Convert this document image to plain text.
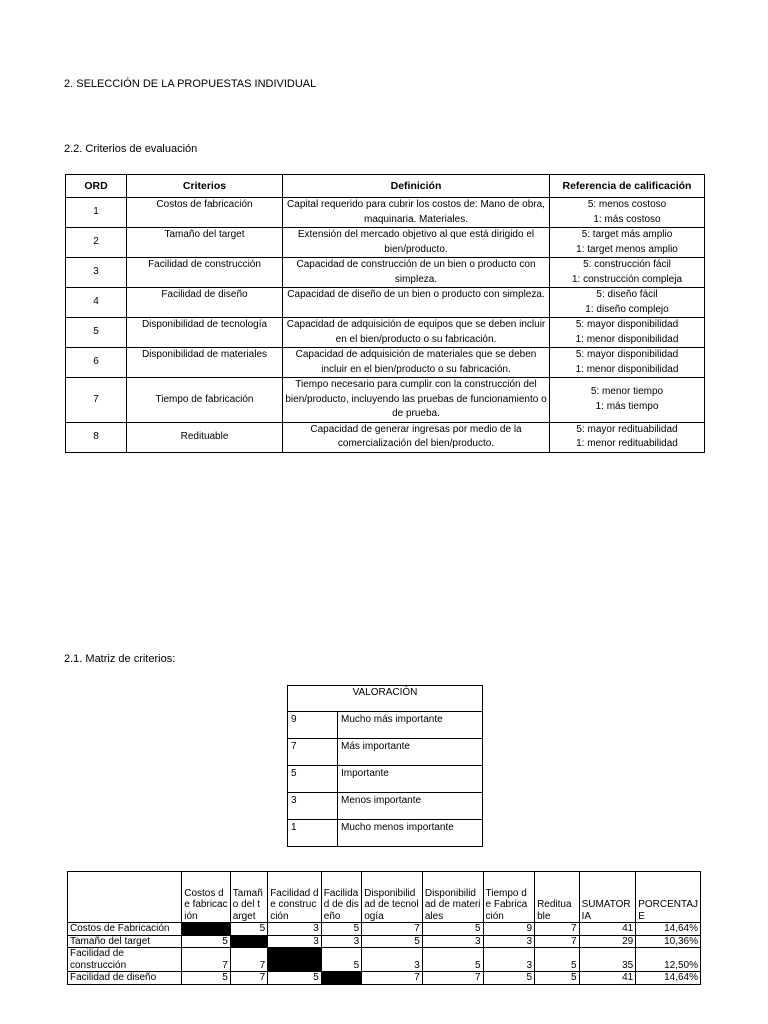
2. SELECCIÓN DE LA PROPUESTAS INDIVIDUAL
2.2. Criterios de evaluación
ORD	Criterios	Definición	Referencia de calificación
1	Costos de fabricación	Capital requerido para cubrir los costos de: Mano de obra, maquinaria. Materiales.	5: menos costoso
1: más costoso

2	Tamaño del target	Extensión del mercado objetivo al que está dirigido el bien/producto.	5: target más amplio
1: target menos amplio

3	Facilidad de construcción	Capacidad de construcción de un bien o producto con simpleza.	5: construcción fácil
1: construcción compleja

4	Facilidad de diseño	Capacidad de diseño de un bien o producto con simpleza.	5: diseño fácil
1: diseño complejo

5	Disponibilidad de tecnología	Capacidad de adquisición de equipos que se deben incluir en el bien/producto o su fabricación.	5: mayor disponibilidad
1: menor disponibilidad

6	Disponibilidad de materiales	Capacidad de adquisición de materiales que se deben incluir en el bien/producto o su fabricación.	5: mayor disponibilidad
1: menor disponibilidad

7	Tiempo de fabricación	Tiempo necesario para cumplir con la construcción del bien/producto, incluyendo las pruebas de funcionamiento o de prueba.	5: menor tiempo
1: más tiempo

8	Redituable	Capacidad de generar ingresas por medio de la comercialización del bien/producto.	5: mayor redituabilidad
1: menor redituabilidad
2.1. Matriz de criterios:
VALORACIÓN	
9	Mucho más importante
7	Más importante
5	Importante
3	Menos importante
1	Mucho menos importante
	Costos de fabricación	Tamaño del target	Facilidad de construcción	Facilidad de diseño	Disponibilidad de tecnología	Disponibilidad de materiales	Tiempo de Fabricación	Redituable	SUMATORIA	PORCENTAJE
Costos de Fabricación		5	3	5	7	5	9	7	41	14,64%
Tamaño del target	5		3	3	5	3	3	7	29	10,36%
Facilidad de construcción	7	7		5	3	5	3	5	35	12,50%
Facilidad de diseño	5	7	5		7	7	5	5	41	14,64%
